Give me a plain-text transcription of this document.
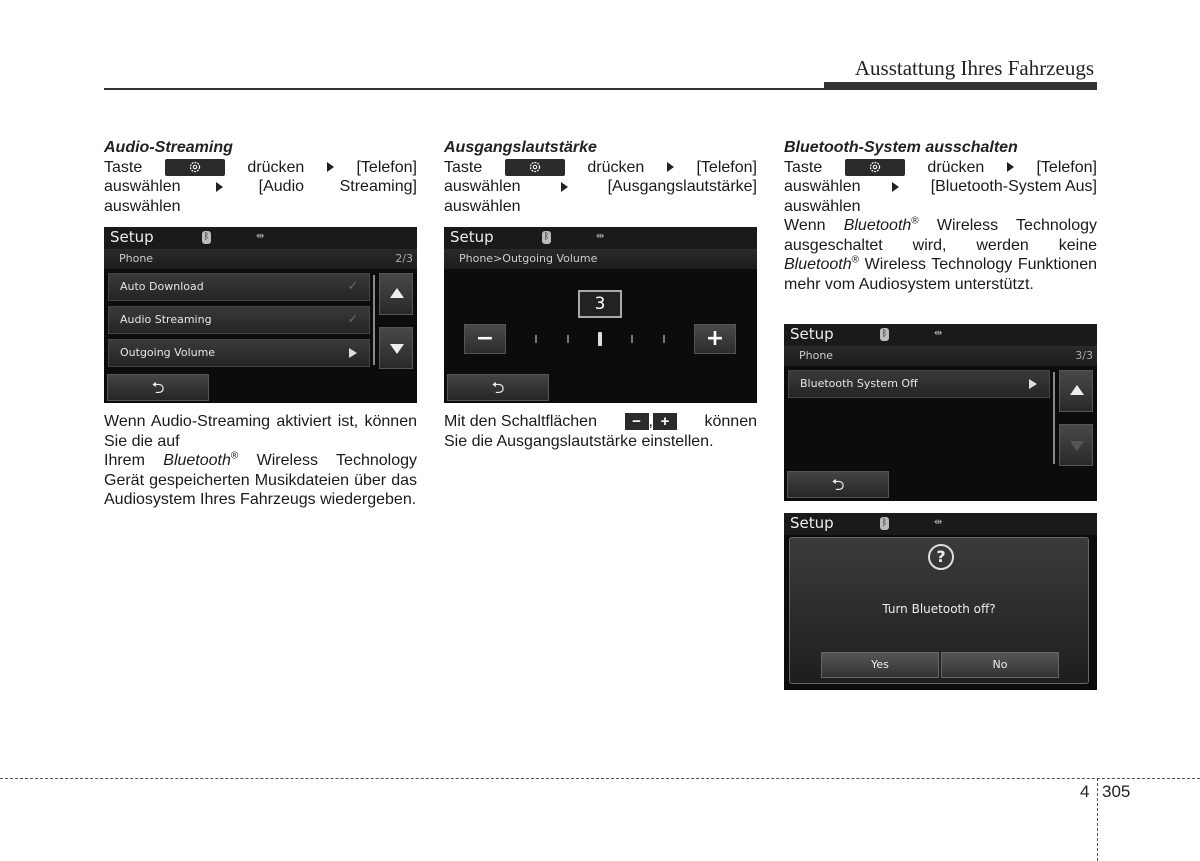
Ausstattung Ihres Fahrzeugs
Audio-Streaming
Taste	drücken	[Telefon]
auswählen	[Audio Streaming]
auswählen
Setup	ᛒ	⇹
Phone	2/3
Auto Download	✓
Audio Streaming	✓
Outgoing Volume
⮌
Wenn Audio-Streaming aktiviert ist, können Sie die auf
Ihrem Bluetooth® Wireless Technology Gerät gespeicherten Musikdateien über das Audiosystem Ihres Fahrzeugs wiedergeben.
Ausgangslautstärke
Taste	drücken	[Telefon]
auswählen	[Ausgangslautstärke]
auswählen
Setup	ᛒ	⇹
Phone>Outgoing Volume
3
−	+
⮌
Mit den Schaltflächen	− , +	können
Sie die Ausgangslautstärke einstellen.
Bluetooth-System ausschalten
Taste	drücken	[Telefon]
auswählen	[Bluetooth-System Aus]
auswählen
Wenn Bluetooth® Wireless Technology ausgeschaltet wird, werden keine Bluetooth® Wireless Technology Funktionen mehr vom Audiosystem unterstützt.
Setup	ᛒ	⇹
Phone	3/3
Bluetooth System Off
⮌
Setup	ᛒ	⇹
?
Turn Bluetooth off?
Yes	No
4 305
